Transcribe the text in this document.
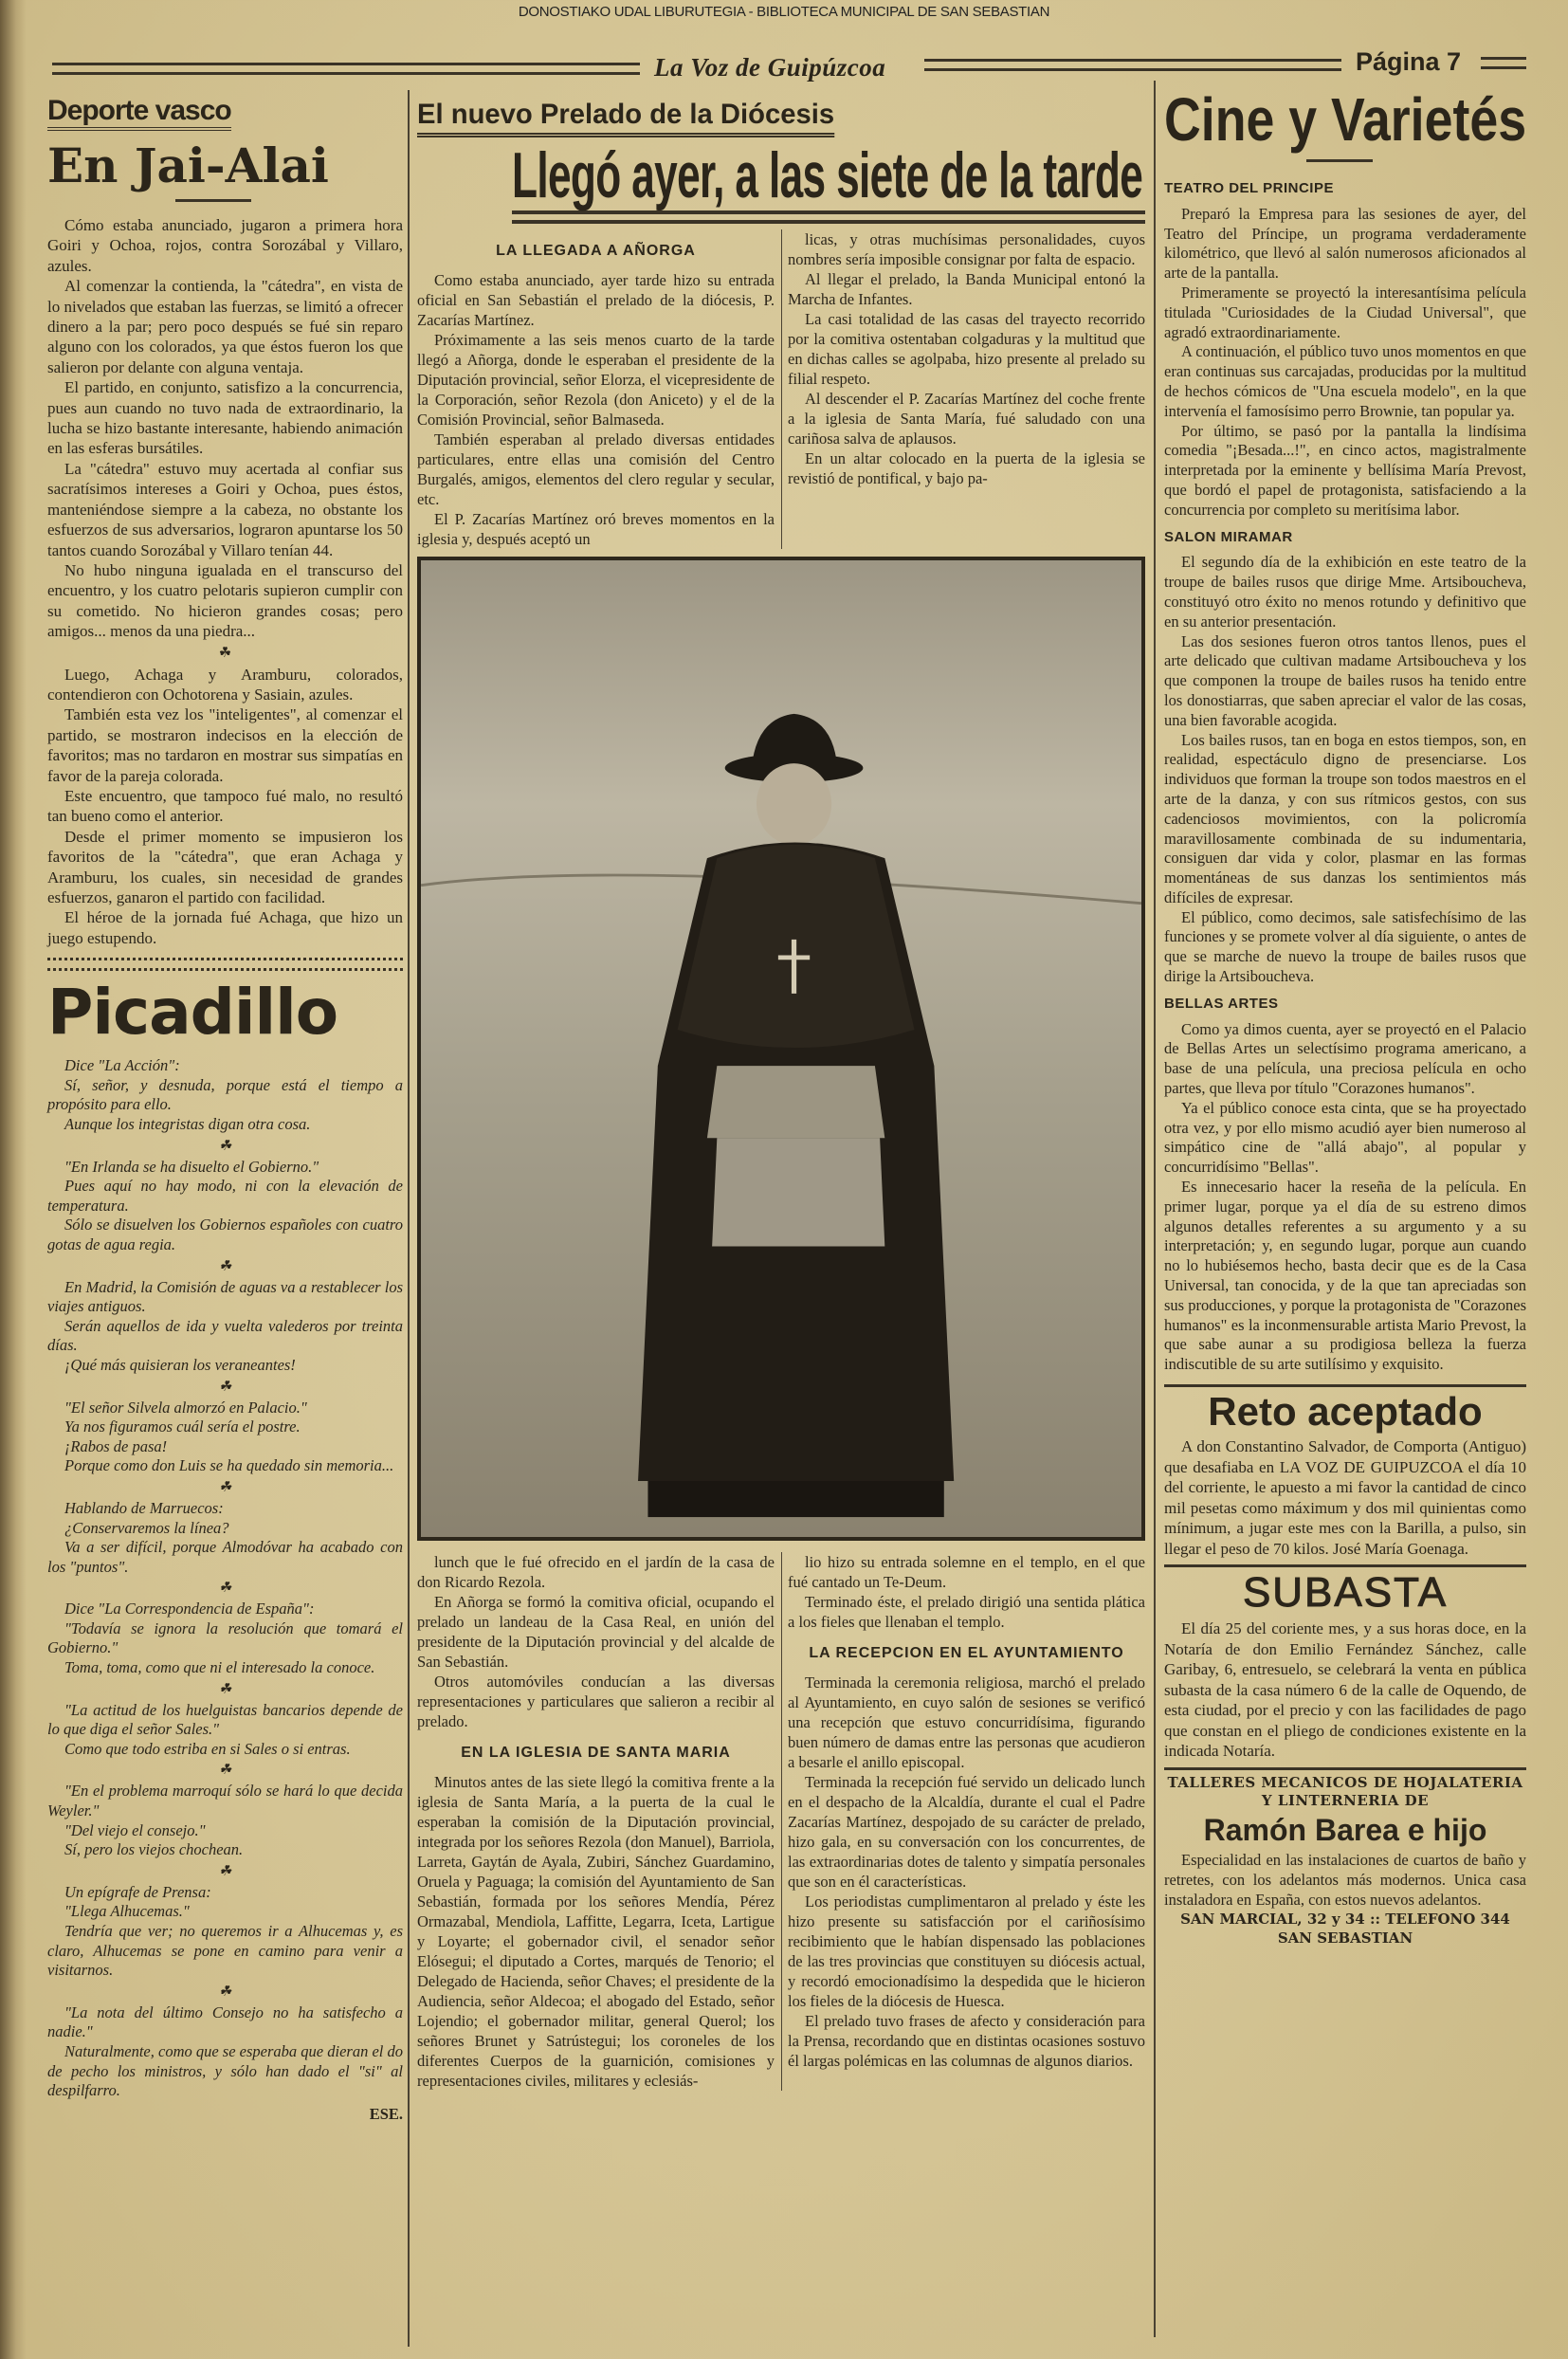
DONOSTIAKO UDAL LIBURUTEGIA - BIBLIOTECA MUNICIPAL DE SAN SEBASTIAN
La Voz de Guipúzcoa	Página 7
Deporte vasco
En Jai-Alai

Cómo estaba anunciado, jugaron a primera hora Goiri y Ochoa, rojos, contra Sorozábal y Villaro, azules.

Al comenzar la contienda, la "cátedra", en vista de lo nivelados que estaban las fuerzas, se limitó a ofrecer dinero a la par; pero poco después se fué sin reparo alguno con los colorados, ya que éstos fueron los que salieron por delante con alguna ventaja.

El partido, en conjunto, satisfizo a la concurrencia, pues aun cuando no tuvo nada de extraordinario, la lucha se hizo bastante interesante, habiendo animación en las esferas bursátiles.

La "cátedra" estuvo muy acertada al confiar sus sacratísimos intereses a Goiri y Ochoa, pues éstos, manteniéndose siempre a la cabeza, no obstante los esfuerzos de sus adversarios, lograron apuntarse los 50 tantos cuando Sorozábal y Villaro tenían 44.

No hubo ninguna igualada en el transcurso del encuentro, y los cuatro pelotaris supieron cumplir con su cometido. No hicieron grandes cosas; pero amigos... menos da una piedra...

☘

Luego, Achaga y Aramburu, colorados, contendieron con Ochotorena y Sasiain, azules.

También esta vez los "inteligentes", al comenzar el partido, se mostraron indecisos en la elección de favoritos; mas no tardaron en mostrar sus simpatías en favor de la pareja colorada.

Este encuentro, que tampoco fué malo, no resultó tan bueno como el anterior.

Desde el primer momento se impusieron los favoritos de la "cátedra", que eran Achaga y Aramburu, los cuales, sin necesidad de grandes esfuerzos, ganaron el partido con facilidad.

El héroe de la jornada fué Achaga, que hizo un juego estupendo.

Picadillo

Dice "La Acción":

Sí, señor, y desnuda, porque está el tiempo a propósito para ello.

Aunque los integristas digan otra cosa.

☘

"En Irlanda se ha disuelto el Gobierno."

Pues aquí no hay modo, ni con la elevación de temperatura.

Sólo se disuelven los Gobiernos españoles con cuatro gotas de agua regia.

☘

En Madrid, la Comisión de aguas va a restablecer los viajes antiguos.

Serán aquellos de ida y vuelta valederos por treinta días.

¡Qué más quisieran los veraneantes!

☘

"El señor Silvela almorzó en Palacio."

Ya nos figuramos cuál sería el postre.

¡Rabos de pasa!

Porque como don Luis se ha quedado sin memoria...

☘

Hablando de Marruecos:

¿Conservaremos la línea?

Va a ser difícil, porque Almodóvar ha acabado con los "puntos".

☘

Dice "La Correspondencia de España":

"Todavía se ignora la resolución que tomará el Gobierno."

Toma, toma, como que ni el interesado la conoce.

☘

"La actitud de los huelguistas bancarios depende de lo que diga el señor Sales."

Como que todo estriba en si Sales o si entras.

☘

"En el problema marroquí sólo se hará lo que decida Weyler."

"Del viejo el consejo."

Sí, pero los viejos chochean.

☘

Un epígrafe de Prensa:

"Llega Alhucemas."

Tendría que ver; no queremos ir a Alhucemas y, es claro, Alhucemas se pone en camino para venir a visitarnos.

☘

"La nota del último Consejo no ha satisfecho a nadie."

Naturalmente, como que se esperaba que dieran el do de pecho los ministros, y sólo han dado el "si" al despilfarro.

ESE.
El nuevo Prelado de la Diócesis
Llegó ayer, a las siete de la tarde

LA LLEGADA A AÑORGA

Como estaba anunciado, ayer tarde hizo su entrada oficial en San Sebastián el prelado de la diócesis, P. Zacarías Martínez.

Próximamente a las seis menos cuarto de la tarde llegó a Añorga, donde le esperaban el presidente de la Diputación provincial, señor Elorza, el vicepresidente de la Corporación, señor Rezola (don Aniceto) y el de la Comisión Provincial, señor Balmaseda.

También esperaban al prelado diversas entidades particulares, entre ellas una comisión del Centro Burgalés, amigos, elementos del clero regular y secular, etc.

El P. Zacarías Martínez oró breves momentos en la iglesia y, después aceptó un

licas, y otras muchísimas personalidades, cuyos nombres sería imposible consignar por falta de espacio.

Al llegar el prelado, la Banda Municipal entonó la Marcha de Infantes.

La casi totalidad de las casas del trayecto recorrido por la comitiva ostentaban colgaduras y la multitud que en dichas calles se agolpaba, hizo presente al prelado su filial respeto.

Al descender el P. Zacarías Martínez del coche frente a la iglesia de Santa María, fué saludado con una cariñosa salva de aplausos.

En un altar colocado en la puerta de la iglesia se revistió de pontifical, y bajo pa-

lunch que le fué ofrecido en el jardín de la casa de don Ricardo Rezola.

En Añorga se formó la comitiva oficial, ocupando el prelado un landeau de la Casa Real, en unión del presidente de la Diputación provincial y del alcalde de San Sebastián.

Otros automóviles conducían a las diversas representaciones y particulares que salieron a recibir al prelado.

EN LA IGLESIA DE SANTA MARIA

Minutos antes de las siete llegó la comitiva frente a la iglesia de Santa María, a la puerta de la cual le esperaban la comisión de la Diputación provincial, integrada por los señores Rezola (don Manuel), Barriola, Larreta, Gaytán de Ayala, Zubiri, Sánchez Guardamino, Oruela y Paguaga; la comisión del Ayuntamiento de San Sebastián, formada por los señores Mendía, Pérez Ormazabal, Mendiola, Laffitte, Legarra, Iceta, Lartigue y Loyarte; el gobernador civil, el senador señor Elósegui; el diputado a Cortes, marqués de Tenorio; el Delegado de Hacienda, señor Chaves; el presidente de la Audiencia, señor Aldecoa; el abogado del Estado, señor Lojendio; el gobernador militar, general Querol; los señores Brunet y Satrústegui; los coroneles de los diferentes Cuerpos de la guarnición, comisiones y representaciones civiles, militares y eclesiás-

lio hizo su entrada solemne en el templo, en el que fué cantado un Te-Deum.

Terminado éste, el prelado dirigió una sentida plática a los fieles que llenaban el templo.

LA RECEPCION EN EL AYUNTAMIENTO

Terminada la ceremonia religiosa, marchó el prelado al Ayuntamiento, en cuyo salón de sesiones se verificó una recepción que estuvo concurridísima, figurando buen número de damas entre las personas que acudieron a besarle el anillo episcopal.

Terminada la recepción fué servido un delicado lunch en el despacho de la Alcaldía, durante el cual el Padre Zacarías Martínez, despojado de su carácter de prelado, hizo gala, en su conversación con los concurrentes, de las extraordinarias dotes de talento y simpatía personales que son en él características.

Los periodistas cumplimentaron al prelado y éste les hizo presente su satisfacción por el cariñosísimo recibimiento que le habían dispensado las poblaciones de las tres provincias que constituyen su diócesis actual, y recordó emocionadísimo la despedida que le hicieron los fieles de la diócesis de Huesca.

El prelado tuvo frases de afecto y consideración para la Prensa, recordando que en distintas ocasiones sostuvo él largas polémicas en las columnas de algunos diarios.

Cine y Varietés

TEATRO DEL PRINCIPE

Preparó la Empresa para las sesiones de ayer, del Teatro del Príncipe, un programa verdaderamente kilométrico, que llevó al salón numerosos aficionados al arte de la pantalla.

Primeramente se proyectó la interesantísima película titulada "Curiosidades de la Ciudad Universal", que agradó extraordinariamente.

A continuación, el público tuvo unos momentos en que eran continuas sus carcajadas, producidas por la multitud de hechos cómicos de "Una escuela modelo", en la que intervenía el famosísimo perro Brownie, tan popular ya.

Por último, se pasó por la pantalla la lindísima comedia "¡Besada...!", en cinco actos, magistralmente interpretada por la eminente y bellísima María Prevost, que bordó el papel de protagonista, satisfaciendo a la concurrencia por completo su meritísima labor.

SALON MIRAMAR

El segundo día de la exhibición en este teatro de la troupe de bailes rusos que dirige Mme. Artsiboucheva, constituyó otro éxito no menos rotundo y definitivo que en su anterior presentación.

Las dos sesiones fueron otros tantos llenos, pues el arte delicado que cultivan madame Artsiboucheva y los que componen la troupe de bailes rusos ha tenido entre los donostiarras, que saben apreciar el valor de las cosas, una bien favorable acogida.

Los bailes rusos, tan en boga en estos tiempos, son, en realidad, espectáculo digno de presenciarse. Los individuos que forman la troupe son todos maestros en el arte de la danza, y con sus rítmicos gestos, con sus cadenciosos movimientos, con la policromía maravillosamente combinada de su indumentaria, consiguen dar vida y color, plasmar en las formas momentáneas de sus danzas los sentimientos más difíciles de expresar.

El público, como decimos, sale satisfechísimo de las funciones y se promete volver al día siguiente, o antes de que se marche de nuevo la troupe de bailes rusos que dirige la Artsiboucheva.

BELLAS ARTES

Como ya dimos cuenta, ayer se proyectó en el Palacio de Bellas Artes un selectísimo programa americano, a base de una película, una preciosa película en ocho partes, que lleva por título "Corazones humanos".

Ya el público conoce esta cinta, que se ha proyectado otra vez, y por ello mismo acudió ayer bien numeroso al simpático cine de "allá abajo", al popular y concurridísimo "Bellas".

Es innecesario hacer la reseña de la película. En primer lugar, porque ya el día de su estreno dimos algunos detalles referentes a su argumento y a su interpretación; y, en segundo lugar, porque aun cuando no lo hubiésemos hecho, basta decir que es de la Casa Universal, tan conocida, y de la que tan apreciadas son sus producciones, y porque la protagonista de "Corazones humanos" es la inconmensurable artista Mario Prevost, la que sabe aunar a su prodigiosa belleza la fuerza indiscutible de su arte sutilísimo y exquisito.

Reto aceptado

A don Constantino Salvador, de Comporta (Antiguo) que desafiaba en LA VOZ DE GUIPUZCOA el día 10 del corriente, le apuesto a mi favor la cantidad de cinco mil pesetas como máximum y dos mil quinientas como mínimum, a jugar este mes con la Barilla, a pulso, sin llegar el peso de 70 kilos. José María Goenaga.

SUBASTA

El día 25 del coriente mes, y a sus horas doce, en la Notaría de don Emilio Fernández Sánchez, calle Garibay, 6, entresuelo, se celebrará la venta en pública subasta de la casa número 6 de la calle de Oquendo, de esta ciudad, por el precio y con las facilidades de pago que constan en el pliego de condiciones existente en la indicada Notaría.

TALLERES MECANICOS DE HOJALATERIA
Y LINTERNERIA DE
Ramón Barea e hijo

Especialidad en las instalaciones de cuartos de baño y retretes, con los adelantos más modernos. Unica casa instaladora en España, con estos nuevos adelantos.

SAN MARCIAL, 32 y 34 :: TELEFONO 344
SAN SEBASTIAN
